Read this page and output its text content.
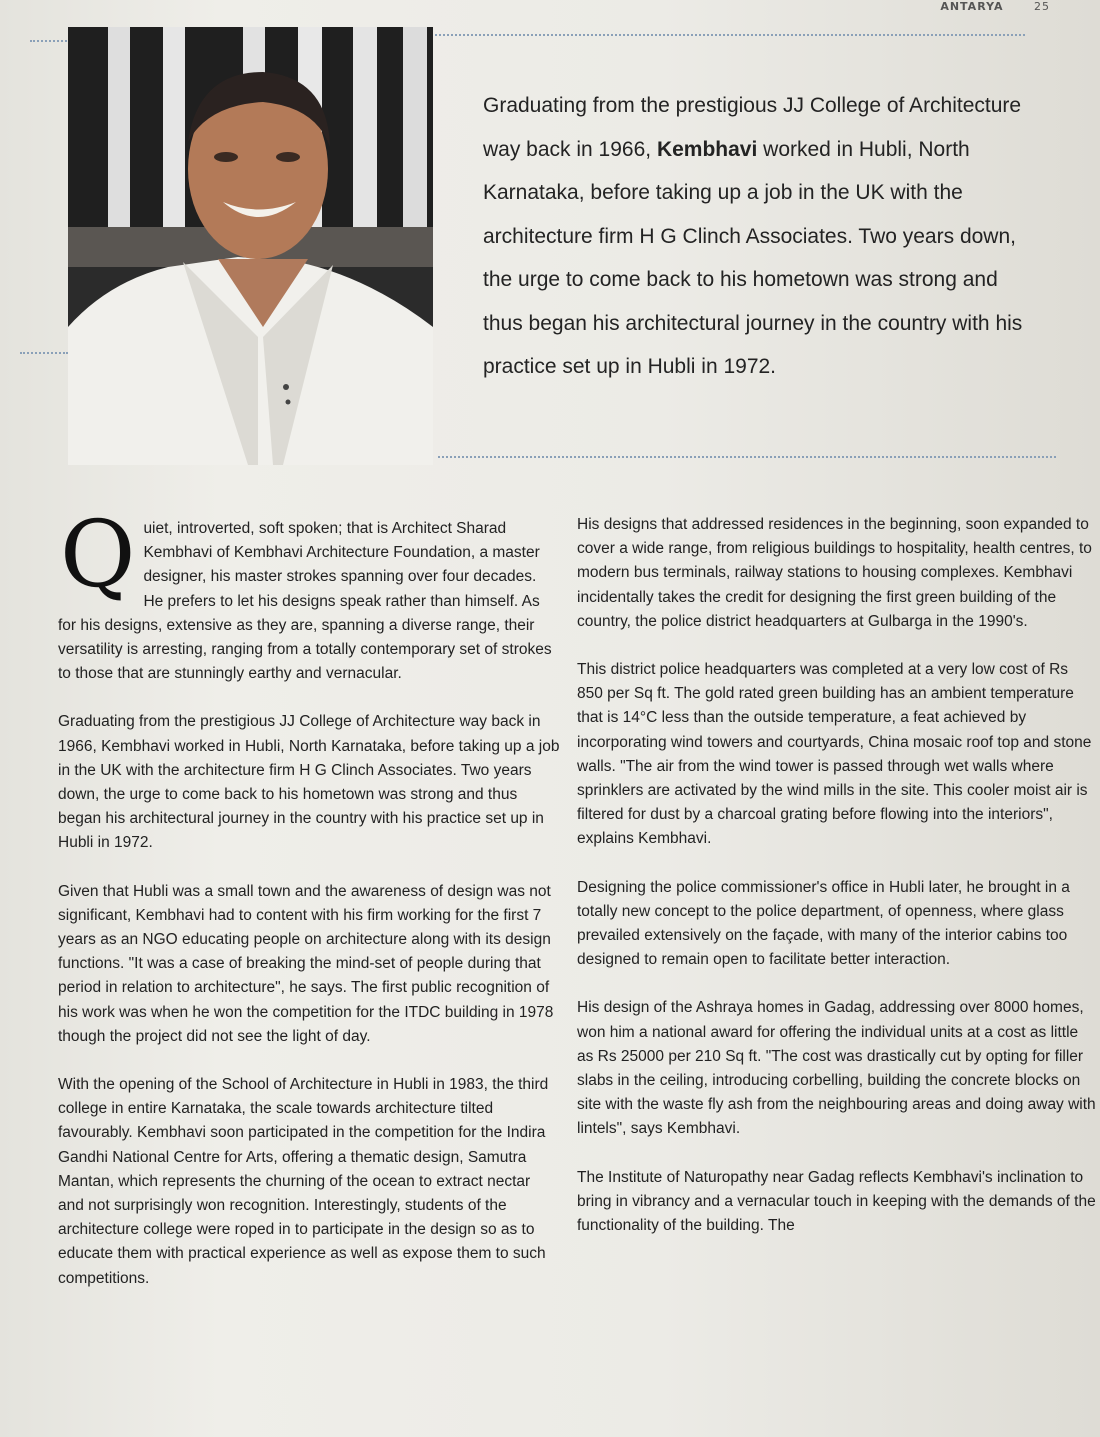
ANTARYA	25
Graduating from the prestigious JJ College of Architecture way back in 1966, Kembhavi worked in Hubli, North Karnataka, before taking up a job in the UK with the architecture firm H G Clinch Associates. Two years down, the urge to come back to his hometown was strong and thus began his architectural journey in the country with his practice set up in Hubli in 1972.

Quiet, introverted, soft spoken; that is Architect Sharad Kembhavi of Kembhavi Architecture Foundation, a master designer, his master strokes spanning over four decades. He prefers to let his designs speak rather than himself. As for his designs, extensive as they are, spanning a diverse range, their versatility is arresting, ranging from a totally contemporary set of strokes to those that are stunningly earthy and vernacular.

Graduating from the prestigious JJ College of Architecture way back in 1966, Kembhavi worked in Hubli, North Karnataka, before taking up a job in the UK with the architecture firm H G Clinch Associates. Two years down, the urge to come back to his hometown was strong and thus began his architectural journey in the country with his practice set up in Hubli in 1972.

Given that Hubli was a small town and the awareness of design was not significant, Kembhavi had to content with his firm working for the first 7 years as an NGO educating people on architecture along with its design functions. "It was a case of breaking the mind-set of people during that period in relation to architecture", he says. The first public recognition of his work was when he won the competition for the ITDC building in 1978 though the project did not see the light of day.

With the opening of the School of Architecture in Hubli in 1983, the third college in entire Karnataka, the scale towards architecture tilted favourably. Kembhavi soon participated in the competition for the Indira Gandhi National Centre for Arts, offering a thematic design, Samutra Mantan, which represents the churning of the ocean to extract nectar and not surprisingly won recognition. Interestingly, students of the architecture college were roped in to participate in the design so as to educate them with practical experience as well as expose them to such competitions.

His designs that addressed residences in the beginning, soon expanded to cover a wide range, from religious buildings to hospitality, health centres, to modern bus terminals, railway stations to housing complexes. Kembhavi incidentally takes the credit for designing the first green building of the country, the police district headquarters at Gulbarga in the 1990's.

This district police headquarters was completed at a very low cost of Rs 850 per Sq ft. The gold rated green building has an ambient temperature that is 14°C less than the outside temperature, a feat achieved by incorporating wind towers and courtyards, China mosaic roof top and stone walls. "The air from the wind tower is passed through wet walls where sprinklers are activated by the wind mills in the site. This cooler moist air is filtered for dust by a charcoal grating before flowing into the interiors", explains Kembhavi.

Designing the police commissioner's office in Hubli later, he brought in a totally new concept to the police department, of openness, where glass prevailed extensively on the façade, with many of the interior cabins too designed to remain open to facilitate better interaction.

His design of the Ashraya homes in Gadag, addressing over 8000 homes, won him a national award for offering the individual units at a cost as little as Rs 25000 per 210 Sq ft. "The cost was drastically cut by opting for filler slabs in the ceiling, introducing corbelling, building the concrete blocks on site with the waste fly ash from the neighbouring areas and doing away with lintels", says Kembhavi.

The Institute of Naturopathy near Gadag reflects Kembhavi's inclination to bring in vibrancy and a vernacular touch in keeping with the demands of the functionality of the building. The
